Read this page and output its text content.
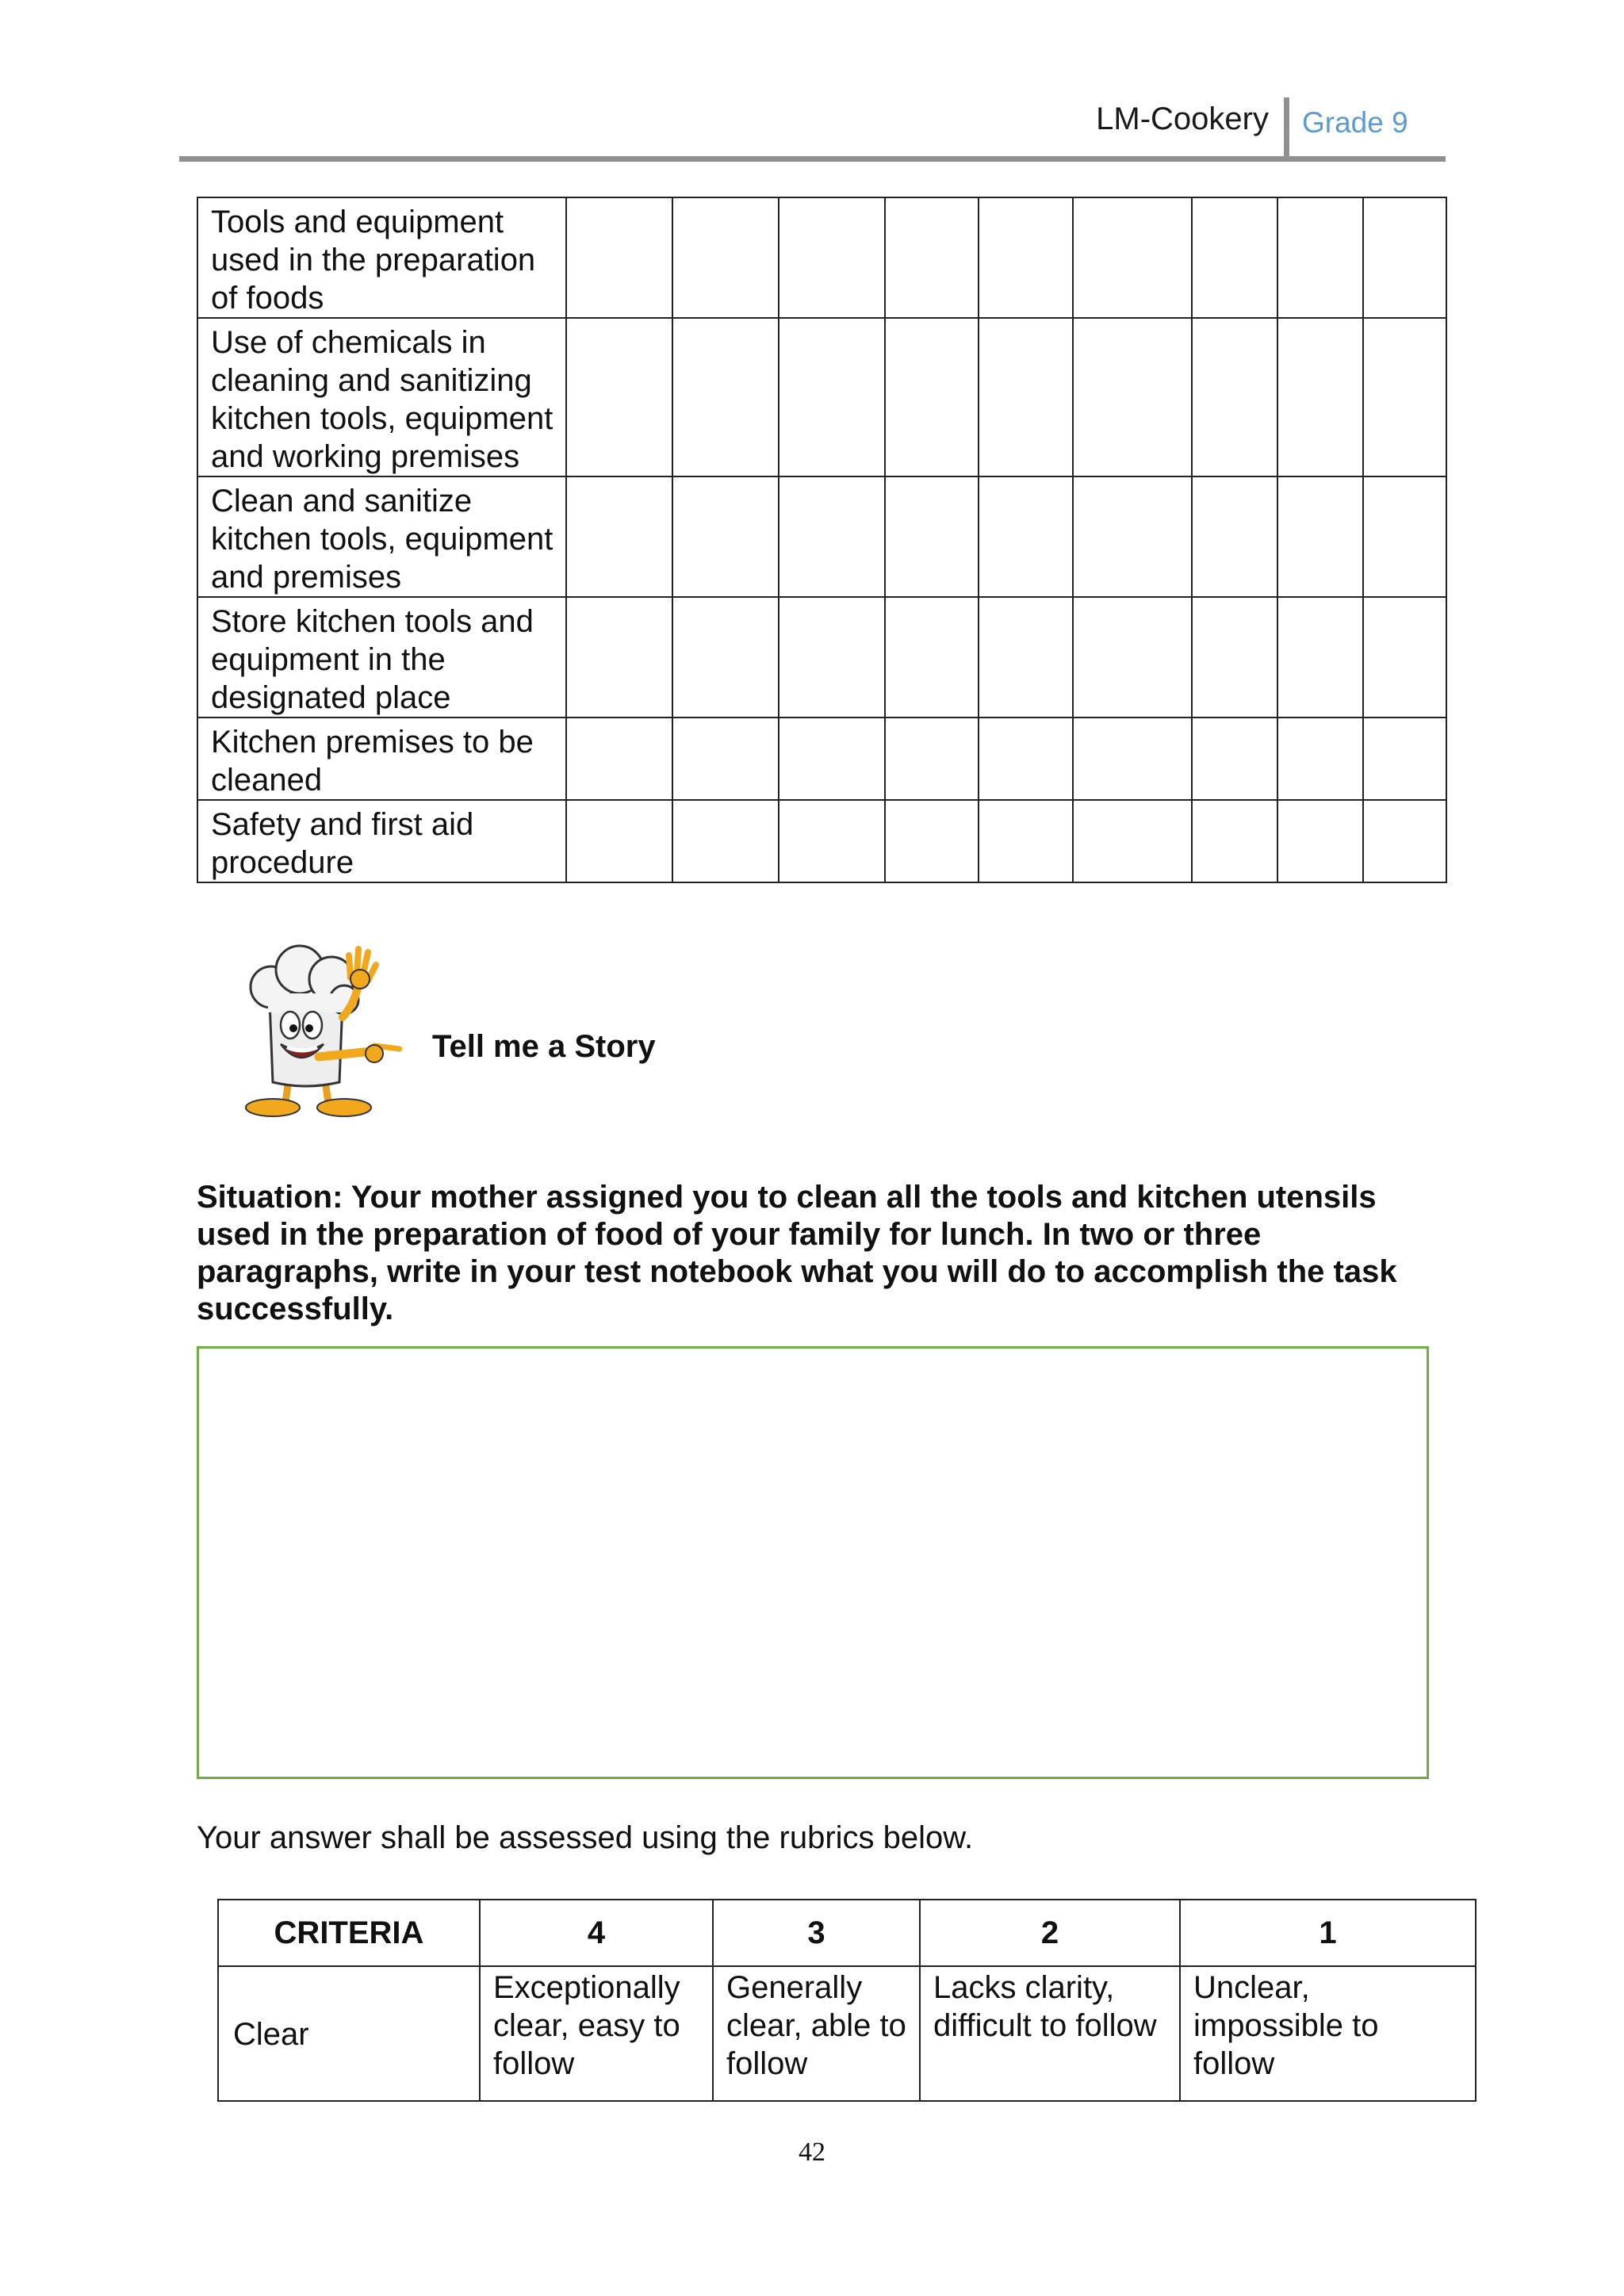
LM-Cookery Grade 9
Tools and equipment used in the preparation of foods									
Use of chemicals in cleaning and sanitizing kitchen tools, equipment and working premises									
Clean and sanitize kitchen tools, equipment and premises									
Store kitchen tools and equipment in the designated place									
Kitchen premises to be cleaned									
Safety and first aid procedure									
Tell me a Story
Situation: Your mother assigned you to clean all the tools and kitchen utensils used in the preparation of food of your family for lunch. In two or three paragraphs, write in your test notebook what you will do to accomplish the task successfully.
Your answer shall be assessed using the rubrics below.
CRITERIA	4	3	2	1
Clear	Exceptionally clear, easy to follow	Generally clear, able to follow	Lacks clarity, difficult to follow	Unclear, impossible to follow
42
